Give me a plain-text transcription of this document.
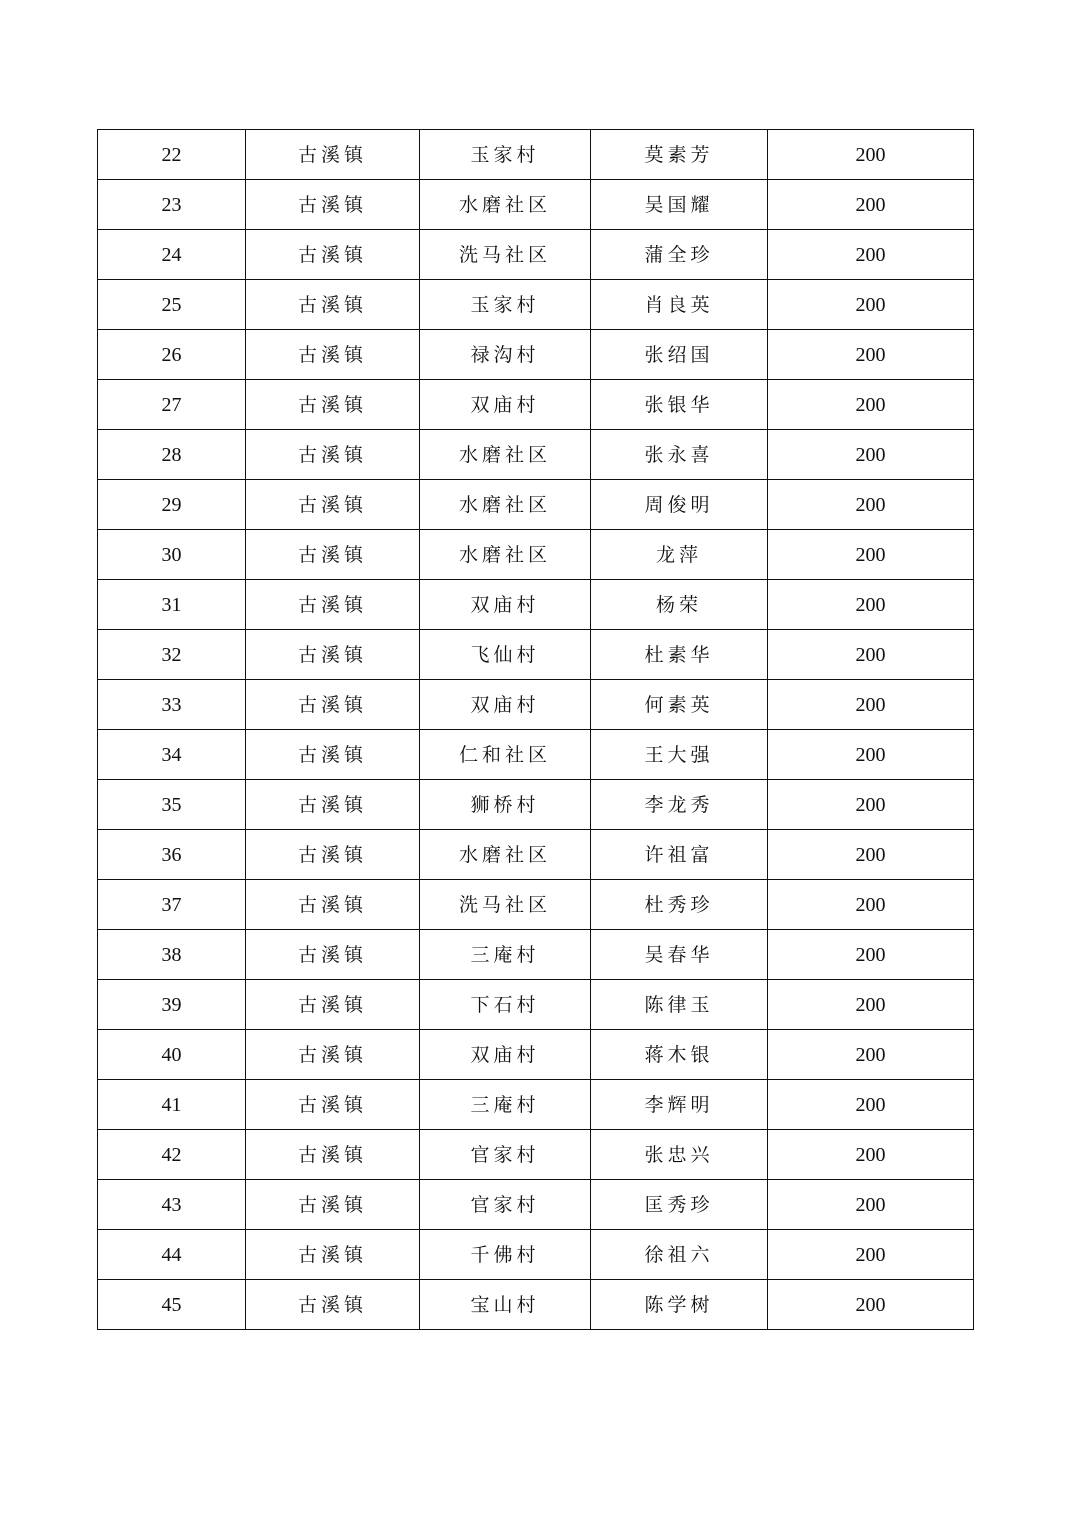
22	古溪镇	玉家村	莫素芳	200
23	古溪镇	水磨社区	吴国耀	200
24	古溪镇	洗马社区	蒲全珍	200
25	古溪镇	玉家村	肖良英	200
26	古溪镇	禄沟村	张绍国	200
27	古溪镇	双庙村	张银华	200
28	古溪镇	水磨社区	张永喜	200
29	古溪镇	水磨社区	周俊明	200
30	古溪镇	水磨社区	龙萍	200
31	古溪镇	双庙村	杨荣	200
32	古溪镇	飞仙村	杜素华	200
33	古溪镇	双庙村	何素英	200
34	古溪镇	仁和社区	王大强	200
35	古溪镇	狮桥村	李龙秀	200
36	古溪镇	水磨社区	许祖富	200
37	古溪镇	洗马社区	杜秀珍	200
38	古溪镇	三庵村	吴春华	200
39	古溪镇	下石村	陈律玉	200
40	古溪镇	双庙村	蒋木银	200
41	古溪镇	三庵村	李辉明	200
42	古溪镇	官家村	张忠兴	200
43	古溪镇	官家村	匡秀珍	200
44	古溪镇	千佛村	徐祖六	200
45	古溪镇	宝山村	陈学树	200
